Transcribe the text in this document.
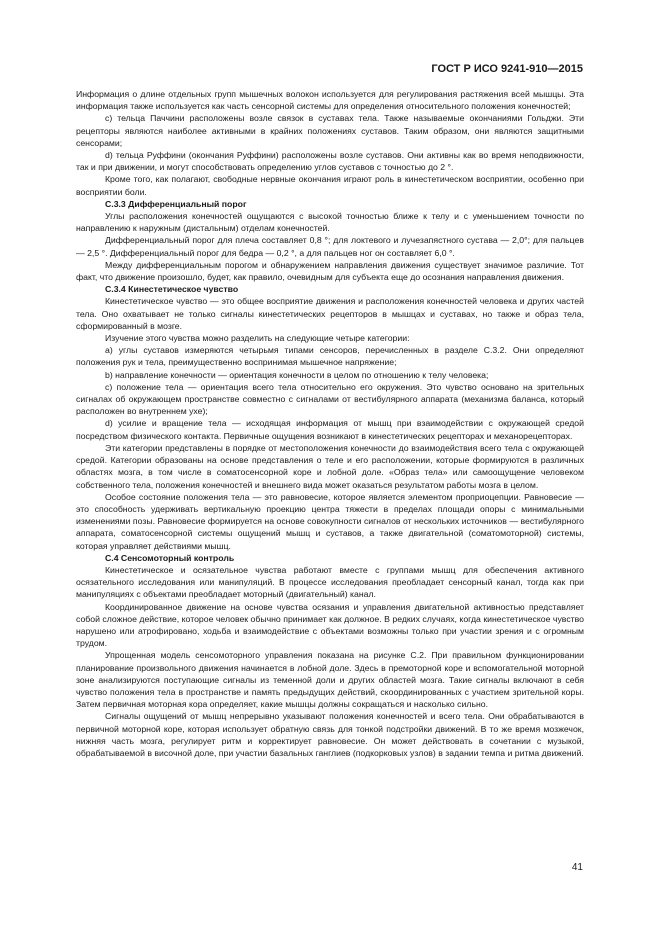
ГОСТ Р ИСО 9241-910—2015

Информация о длине отдельных групп мышечных волокон используется для регулирования растяжения всей мышцы. Эта информация также используется как часть сенсорной системы для определения относительного положения конечностей;

c) тельца Паччини расположены возле связок в суставах тела. Также называемые окончаниями Гольджи. Эти рецепторы являются наиболее активными в крайних положениях суставов. Таким образом, они являются защитными сенсорами;

d) тельца Руффини (окончания Руффини) расположены возле суставов. Они активны как во время неподвижности, так и при движении, и могут способствовать определению углов суставов с точностью до 2 °.

Кроме того, как полагают, свободные нервные окончания играют роль в кинестетическом восприятии, особенно при восприятии боли.

С.3.3 Дифференциальный порог

Углы расположения конечностей ощущаются с высокой точностью ближе к телу и с уменьшением точности по направлению к наружным (дистальным) отделам конечностей.

Дифференциальный порог для плеча составляет 0,8 °; для локтевого и лучезапястного сустава — 2,0°; для пальцев — 2,5 °. Дифференциальный порог для бедра — 0,2 °, а для пальцев ног он составляет 6,0 °.

Между дифференциальным порогом и обнаружением направления движения существует значимое различие. Тот факт, что движение произошло, будет, как правило, очевидным для субъекта еще до осознания направления движения.

С.3.4 Кинестетическое чувство

Кинестетическое чувство — это общее восприятие движения и расположения конечностей человека и других частей тела. Оно охватывает не только сигналы кинестетических рецепторов в мышцах и суставах, но также и образ тела, сформированный в мозге.

Изучение этого чувства можно разделить на следующие четыре категории:

a) углы суставов измеряются четырьмя типами сенсоров, перечисленных в разделе С.3.2. Они определяют положения рук и тела, преимущественно воспринимая мышечное напряжение;

b) направление конечности — ориентация конечности в целом по отношению к телу человека;

c) положение тела — ориентация всего тела относительно его окружения. Это чувство основано на зрительных сигналах об окружающем пространстве совместно с сигналами от вестибулярного аппарата (механизма баланса, который расположен во внутреннем ухе);

d) усилие и вращение тела — исходящая информация от мышц при взаимодействии с окружающей средой посредством физического контакта. Первичные ощущения возникают в кинестетических рецепторах и механорецепторах.

Эти категории представлены в порядке от местоположения конечности до взаимодействия всего тела с окружающей средой. Категории образованы на основе представления о теле и его расположении, которые формируются в различных областях мозга, в том числе в соматосенсорной коре и лобной доле. «Образ тела» или самоощущение человеком собственного тела, положения конечностей и внешнего вида может оказаться результатом работы мозга в целом.

Особое состояние положения тела — это равновесие, которое является элементом проприоцепции. Равновесие — это способность удерживать вертикальную проекцию центра тяжести в пределах площади опоры с минимальными изменениями позы. Равновесие формируется на основе совокупности сигналов от нескольких источников — вестибулярного аппарата, соматосенсорной системы ощущений мышц и суставов, а также двигательной (соматомоторной) системы, которая управляет действиями мышц.

С.4 Сенсомоторный контроль

Кинестетическое и осязательное чувства работают вместе с группами мышц для обеспечения активного осязательного исследования или манипуляций. В процессе исследования преобладает сенсорный канал, тогда как при манипуляциях с объектами преобладает моторный (двигательный) канал.

Координированное движение на основе чувства осязания и управления двигательной активностью представляет собой сложное действие, которое человек обычно принимает как должное. В редких случаях, когда кинестетическое чувство нарушено или атрофировано, ходьба и взаимодействие с объектами возможны только при участии зрения и с огромным трудом.

Упрощенная модель сенсомоторного управления показана на рисунке С.2. При правильном функционировании планирование произвольного движения начинается в лобной доле. Здесь в премоторной коре и вспомогательной моторной зоне анализируются поступающие сигналы из теменной доли и других областей мозга. Такие сигналы включают в себя чувство положения тела в пространстве и память предыдущих действий, скоординированных с участием зрительной коры. Затем первичная моторная кора определяет, какие мышцы должны сокращаться и насколько сильно.

Сигналы ощущений от мышц непрерывно указывают положения конечностей и всего тела. Они обрабатываются в первичной моторной коре, которая использует обратную связь для тонкой подстройки движений. В то же время мозжечок, нижняя часть мозга, регулирует ритм и корректирует равновесие. Он может действовать в сочетании с музыкой, обрабатываемой в височной доле, при участии базальных ганглиев (подкорковых узлов) в задании темпа и ритма движений.

41
